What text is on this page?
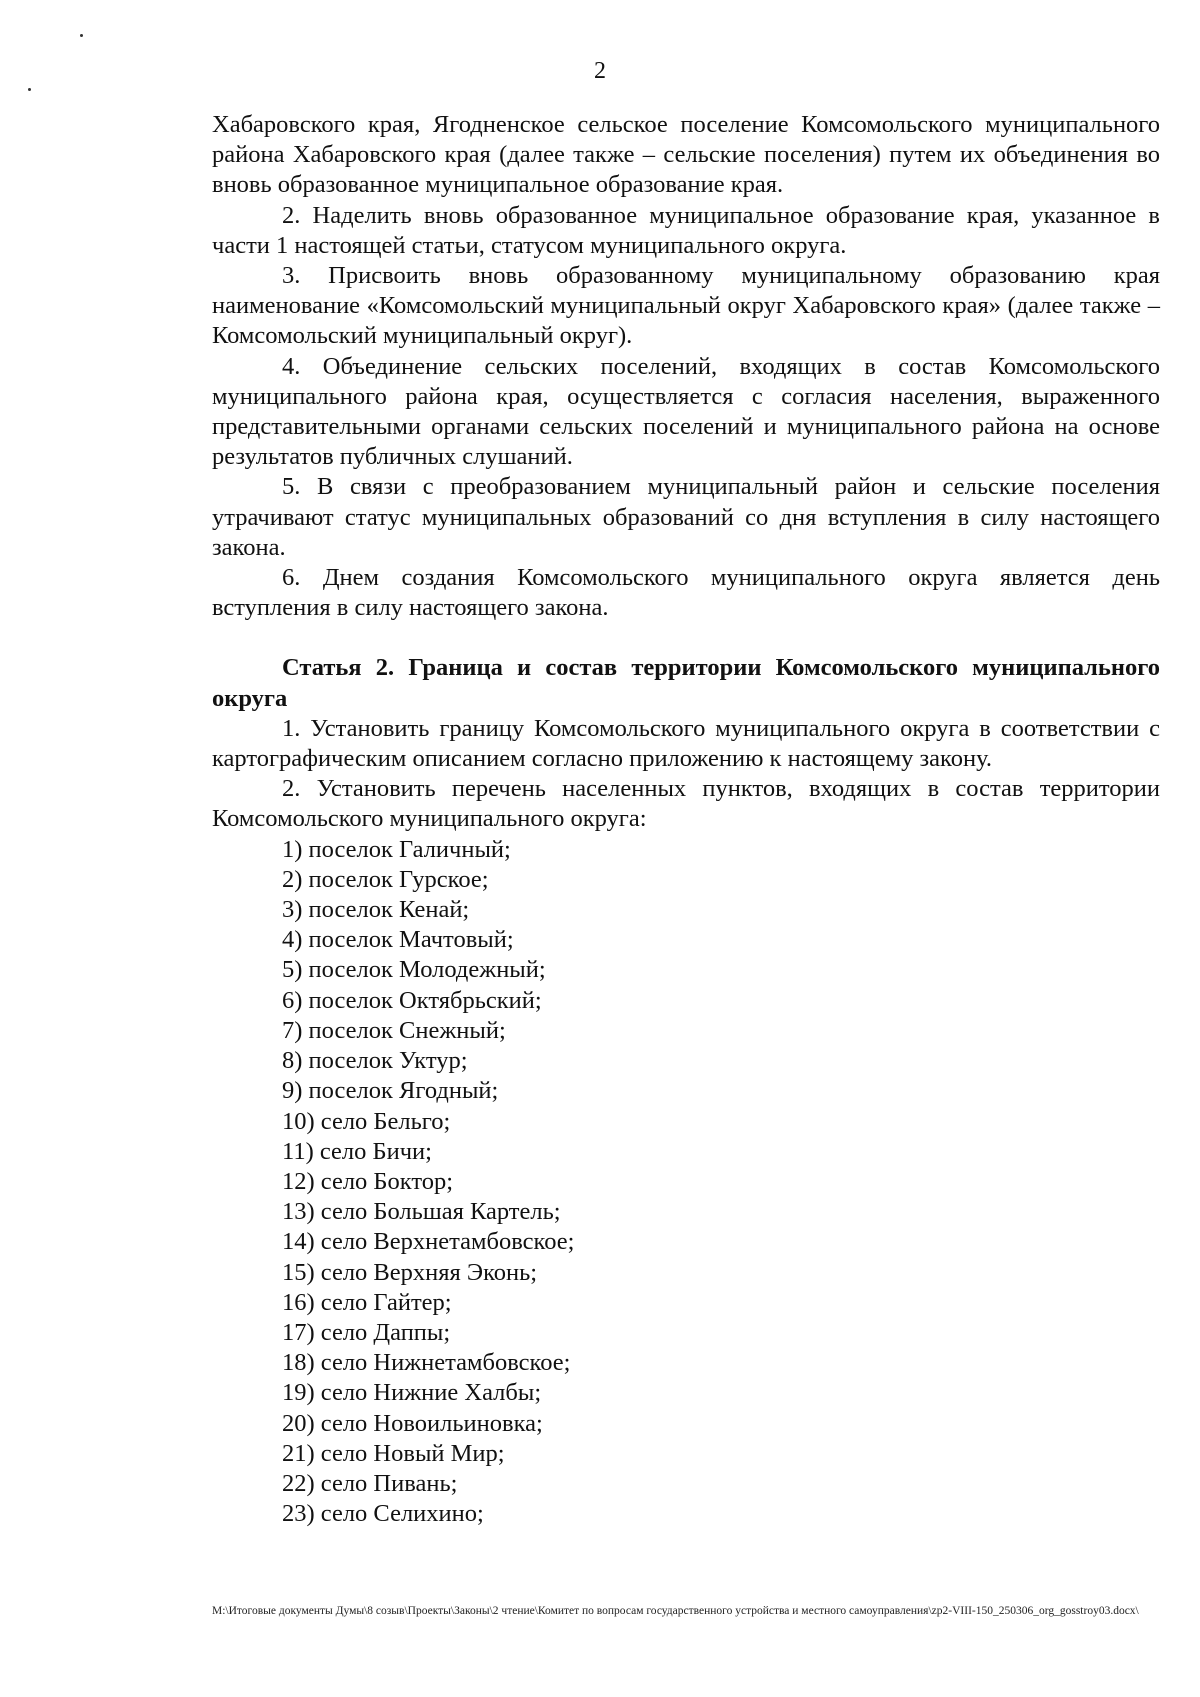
2

Хабаровского края, Ягодненское сельское поселение Комсомольского муниципального района Хабаровского края (далее также – сельские поселения) путем их объединения во вновь образованное муниципальное образование края.

2. Наделить вновь образованное муниципальное образование края, указанное в части 1 настоящей статьи, статусом муниципального округа.

3. Присвоить вновь образованному муниципальному образованию края наименование «Комсомольский муниципальный округ Хабаровского края» (далее также – Комсомольский муниципальный округ).

4. Объединение сельских поселений, входящих в состав Комсомольского муниципального района края, осуществляется с согласия населения, выраженного представительными органами сельских поселений и муниципального района на основе результатов публичных слушаний.

5. В связи с преобразованием муниципальный район и сельские поселения утрачивают статус муниципальных образований со дня вступления в силу настоящего закона.

6. Днем создания Комсомольского муниципального округа является день вступления в силу настоящего закона.

Статья 2. Граница и состав территории Комсомольского муниципального округа

1. Установить границу Комсомольского муниципального округа в соответствии с картографическим описанием согласно приложению к настоящему закону.

2. Установить перечень населенных пунктов, входящих в состав территории Комсомольского муниципального округа:

1) поселок Галичный;
2) поселок Гурское;
3) поселок Кенай;
4) поселок Мачтовый;
5) поселок Молодежный;
6) поселок Октябрьский;
7) поселок Снежный;
8) поселок Уктур;
9) поселок Ягодный;
10) село Бельго;
11) село Бичи;
12) село Боктор;
13) село Большая Картель;
14) село Верхнетамбовское;
15) село Верхняя Эконь;
16) село Гайтер;
17) село Даппы;
18) село Нижнетамбовское;
19) село Нижние Халбы;
20) село Новоильиновка;
21) село Новый Мир;
22) село Пивань;
23) село Селихино;
M:\Итоговые документы Думы\8 созыв\Проекты\Законы\2 чтение\Комитет по вопросам государственного устройства и местного самоуправления\zp2-VIII-150_250306_org_gosstroy03.docx\
